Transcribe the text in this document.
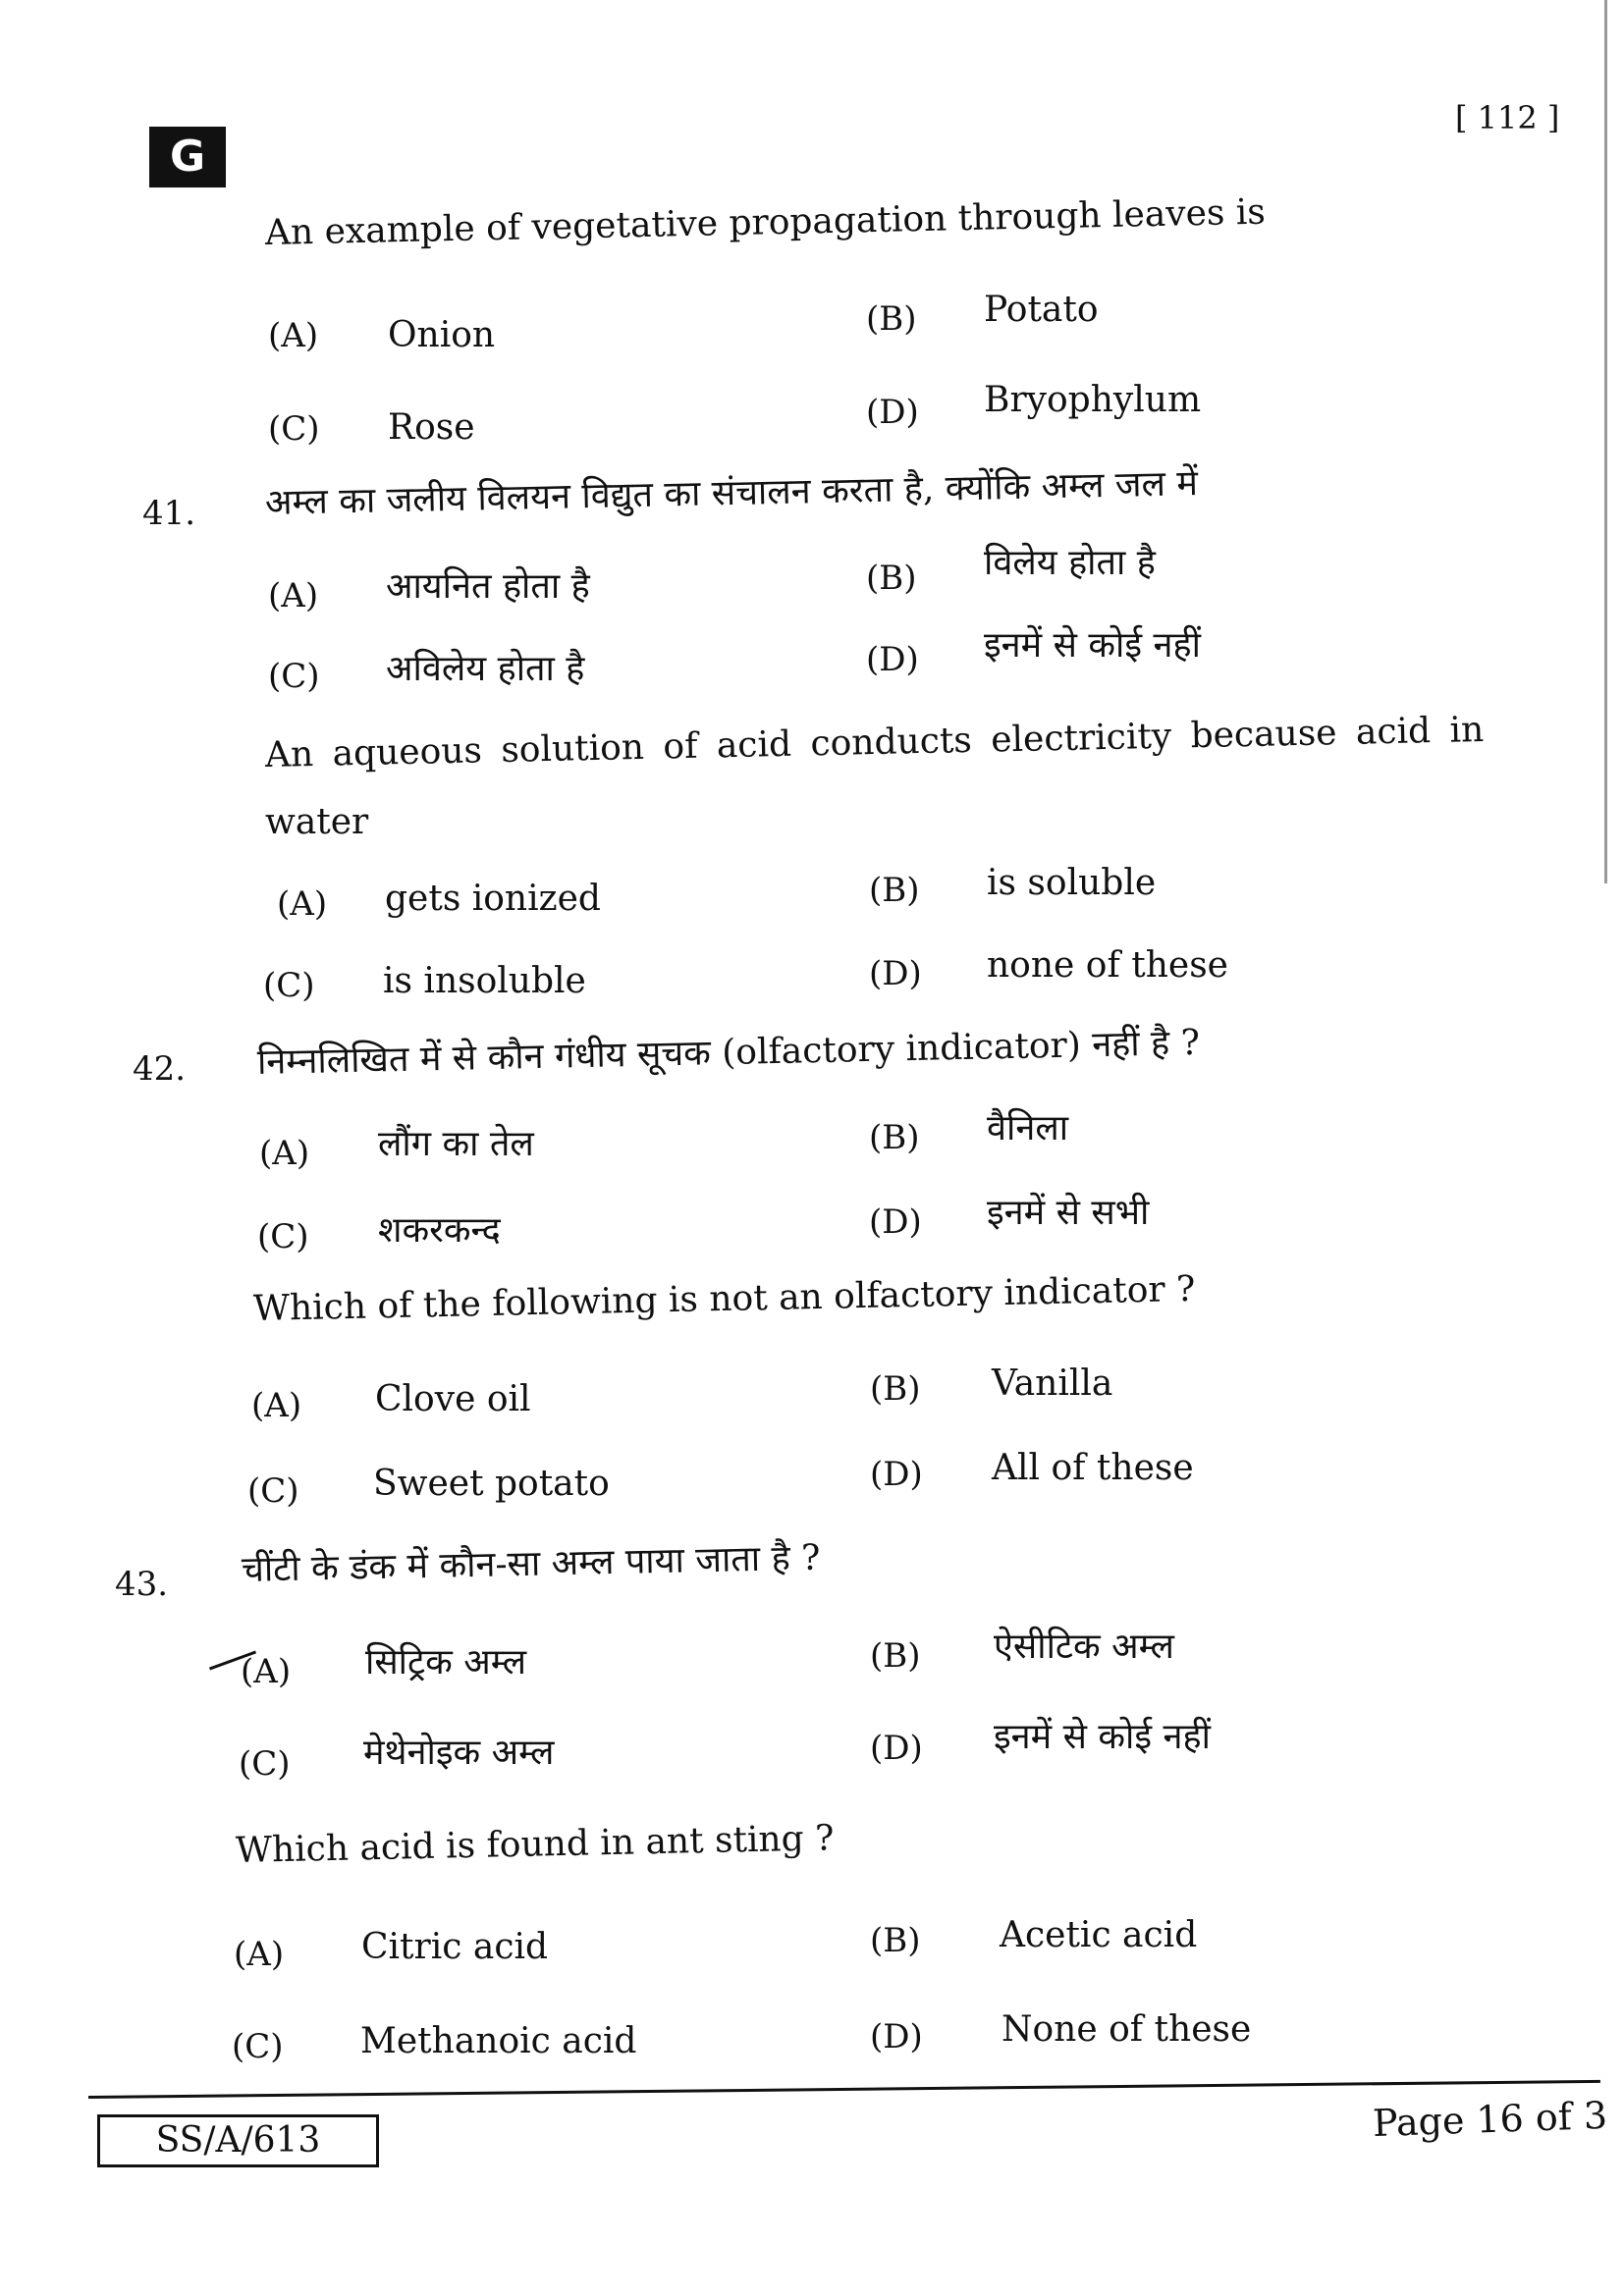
G
[ 112 ]
An example of vegetative propagation through leaves is
(A) Onion	(B) Potato
(C) Rose	(D) Bryophylum
41. अम्ल का जलीय विलयन विद्युत का संचालन करता है, क्योंकि अम्ल जल में
(A) आयनित होता है	(B) विलेय होता है
(C) अविलेय होता है	(D) इनमें से कोई नहीं
An aqueous solution of acid conducts electricity because acid in
water
(A) gets ionized	(B) is soluble
(C) is insoluble	(D) none of these
42. निम्नलिखित में से कौन गंधीय सूचक (olfactory indicator) नहीं है ?
(A) लौंग का तेल	(B) वैनिला
(C) शकरकन्द	(D) इनमें से सभी
Which of the following is not an olfactory indicator ?
(A) Clove oil	(B) Vanilla
(C) Sweet potato	(D) All of these
43. चींटी के डंक में कौन-सा अम्ल पाया जाता है ?
(A) सिट्रिक अम्ल	(B) ऐसीटिक अम्ल
(C) मेथेनोइक अम्ल	(D) इनमें से कोई नहीं
Which acid is found in ant sting ?
(A) Citric acid	(B) Acetic acid
(C) Methanoic acid	(D) None of these
SS/A/613	Page 16 of 3
